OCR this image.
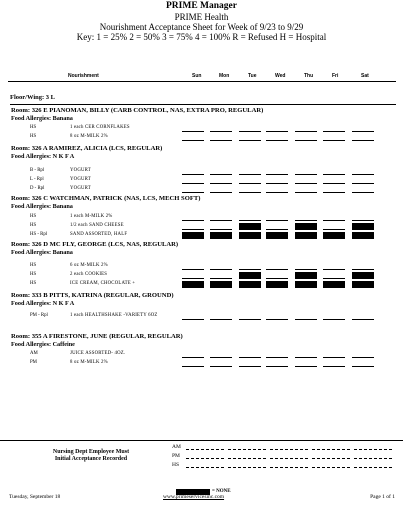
PRIME Manager
PRIME Health
Nourishment Acceptance Sheet for Week of 9/23 to 9/29
Key: 1 = 25% 2 = 50% 3 = 75% 4 = 100% R = Refused H = Hospital
Nourishment	Sun	Mon	Tue	Wed	Thu	Fri	Sat
Floor/Wing: 3 L
Room: 326 E PIANOMAN, BILLY (CARB CONTROL, NAS, EXTRA PRO, REGULAR)
Food Allergies: Banana
HS	1 each CER CORNFLAKES
HS	8 oz M-MILK 2%
Room: 326 A RAMIREZ, ALICIA (LCS, REGULAR)
Food Allergies: N K F A
B - Rpl	YOGURT
L - Rpl	YOGURT
D - Rpl	YOGURT
Room: 326 C WATCHMAN, PATRICK (NAS, LCS, MECH SOFT)
Food Allergies: Banana
HS	1 each M-MILK 2%
HS	1/2 each SAND CHEESE
HS - Rpl	SAND ASSORTED, HALF
Room: 326 D MC FLY, GEORGE (LCS, NAS, REGULAR)
Food Allergies: Banana
HS	6 oz M-MILK 2%
HS	2 each COOKIES
HS	ICE CREAM, CHOCOLATE +
Room: 333 B PITTS, KATRINA (REGULAR, GROUND)
Food Allergies: N K F A
PM - Rpl	1 each HEALTHSHAKE -VARIETY 6OZ
Room: 355 A FIRESTONE, JUNE (REGULAR, REGULAR)
Food Allergies: Caffeine
AM	JUICE ASSORTED- 4OZ.
PM	8 oz M-MILK 2%
Nursing Dept Employee Must
Initial Acceptance Recorded
AM
PM
HS
= NONE
Tuesday, September 18	www.primeservicesinc.com	Page 1 of 1
